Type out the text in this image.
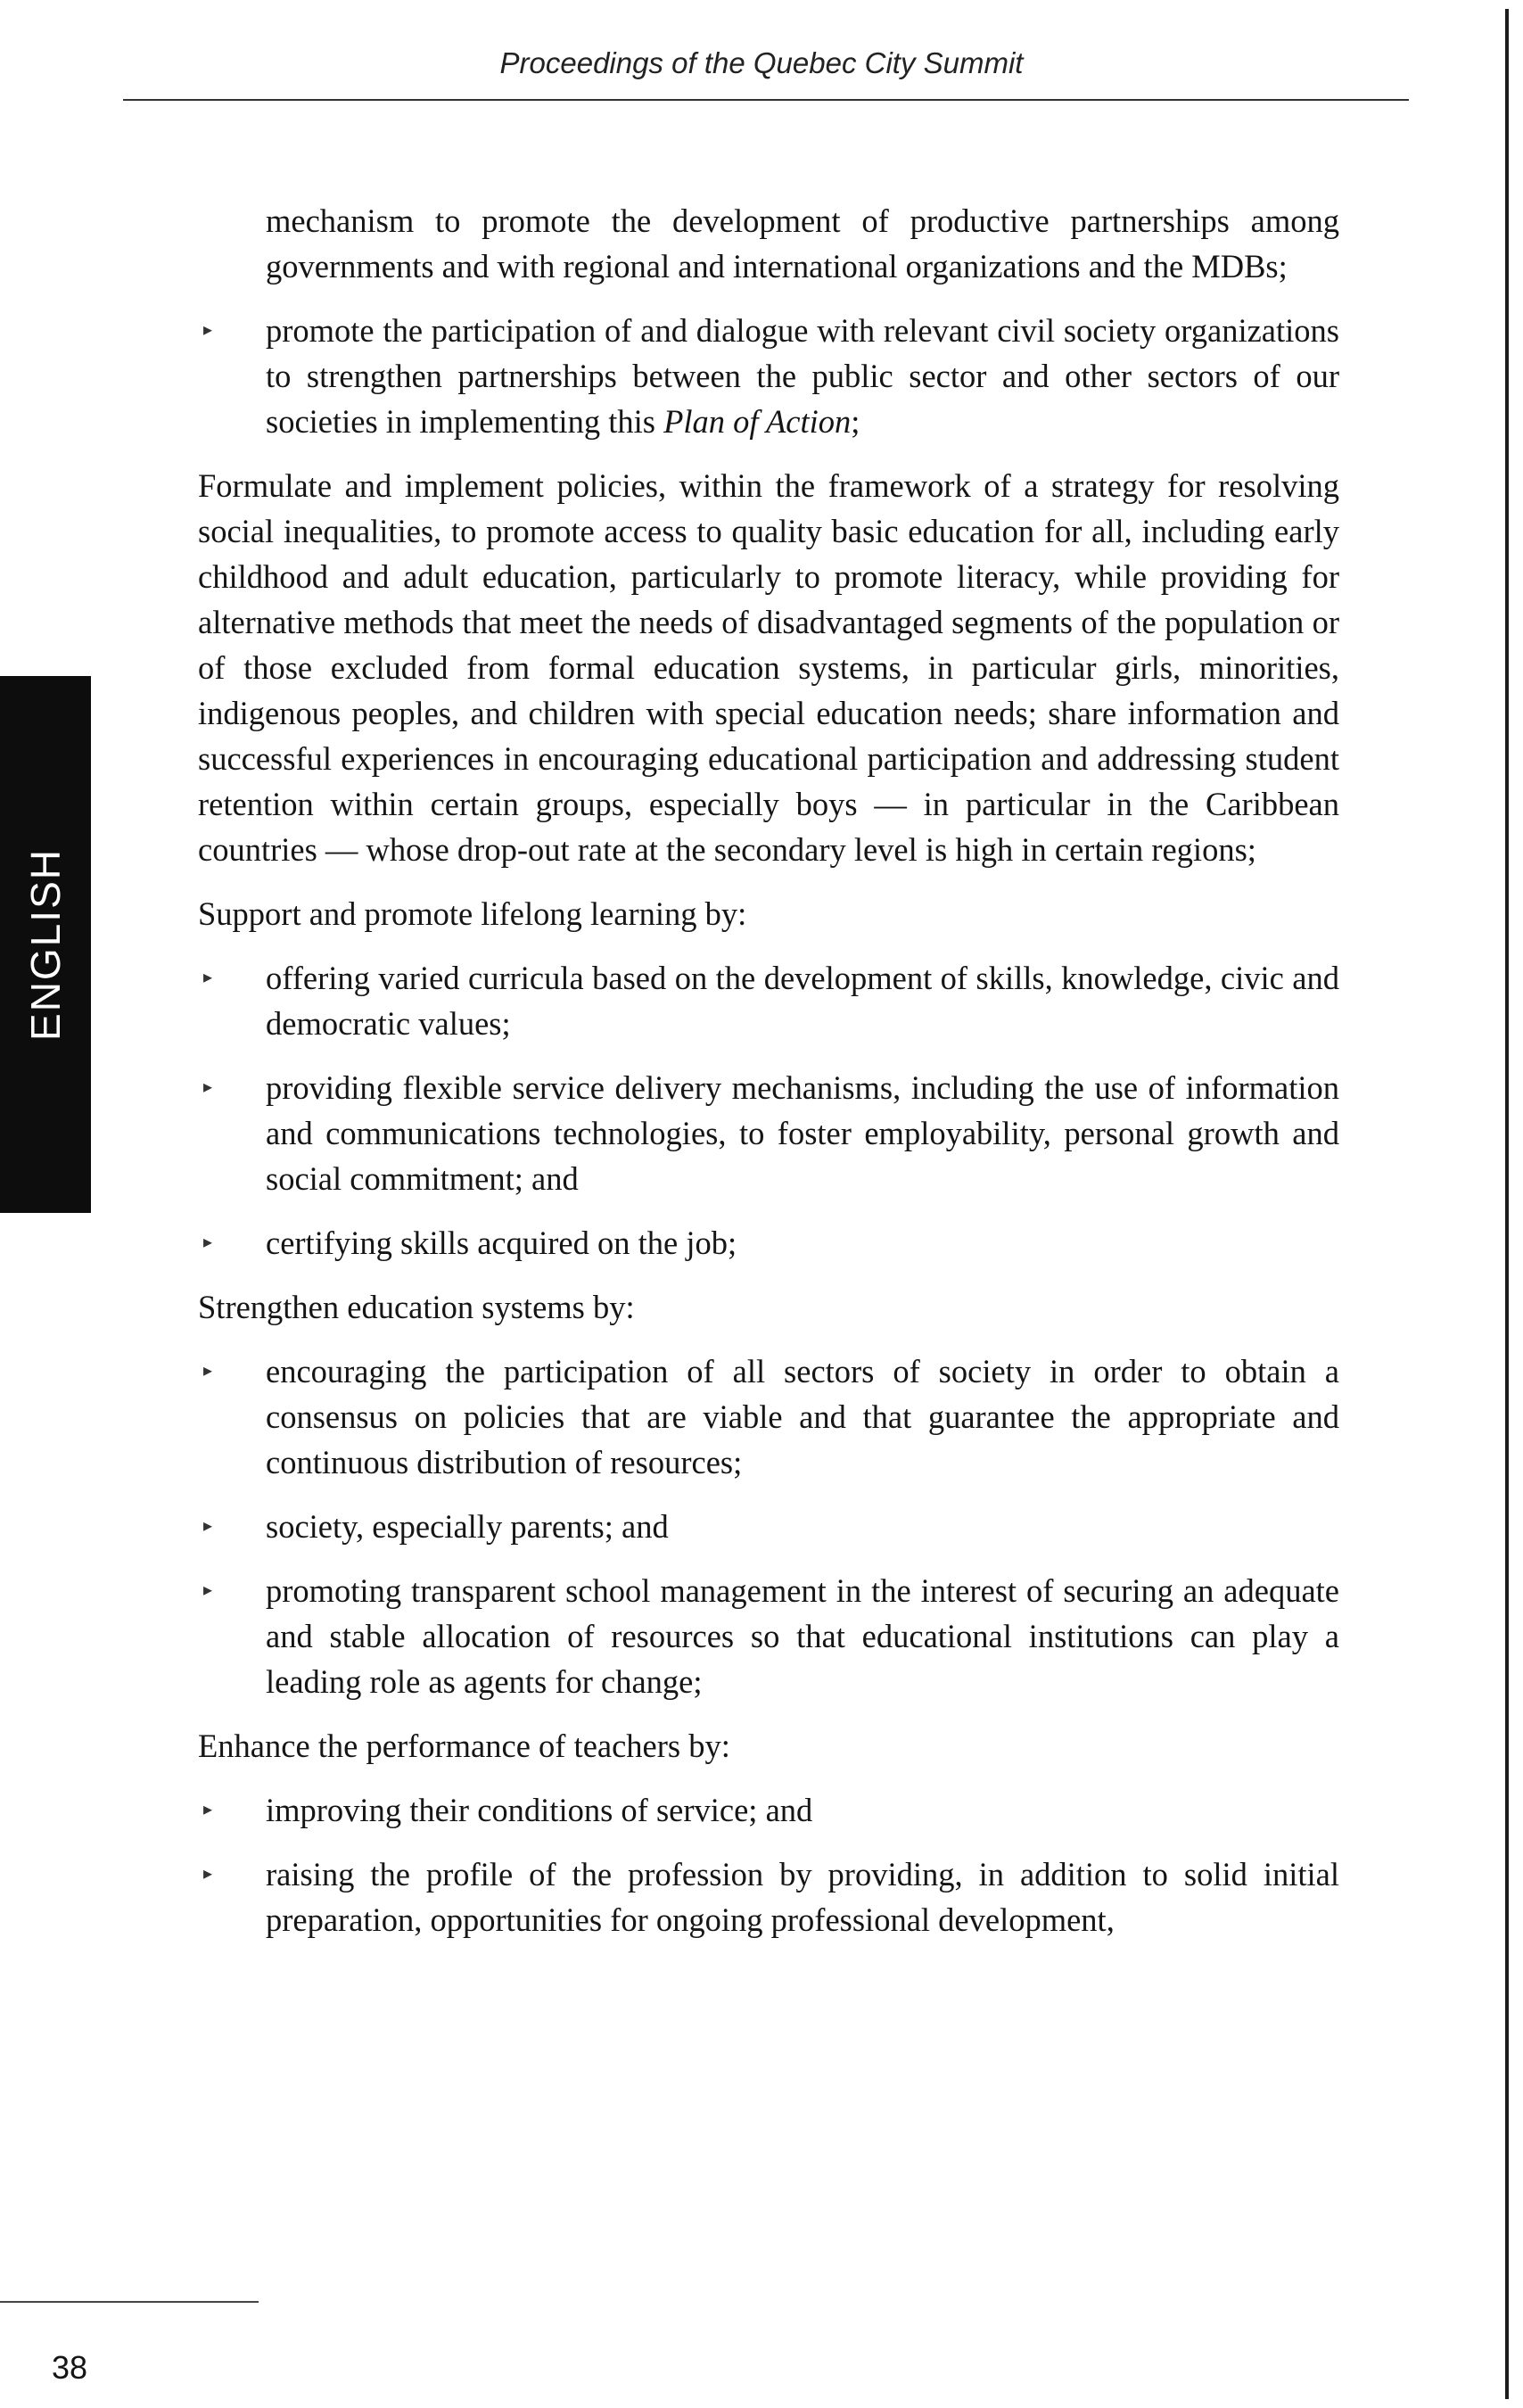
Proceedings of the Quebec City Summit
ENGLISH

mechanism to promote the development of productive partnerships among governments and with regional and international organizations and the MDBs;

▸ promote the participation of and dialogue with relevant civil society organizations to strengthen partnerships between the public sector and other sectors of our societies in implementing this Plan of Action;

Formulate and implement policies, within the framework of a strategy for resolving social inequalities, to promote access to quality basic education for all, including early childhood and adult education, particularly to promote literacy, while providing for alternative methods that meet the needs of disadvantaged segments of the population or of those excluded from formal education systems, in particular girls, minorities, indigenous peoples, and children with special education needs; share information and successful experiences in encouraging educational participation and addressing student retention within certain groups, especially boys — in particular in the Caribbean countries — whose drop-out rate at the secondary level is high in certain regions;

Support and promote lifelong learning by:

▸ offering varied curricula based on the development of skills, knowledge, civic and democratic values;

▸ providing flexible service delivery mechanisms, including the use of information and communications technologies, to foster employability, personal growth and social commitment; and

▸ certifying skills acquired on the job;

Strengthen education systems by:

▸ encouraging the participation of all sectors of society in order to obtain a consensus on policies that are viable and that guarantee the appropriate and continuous distribution of resources;

▸ society, especially parents; and

▸ promoting transparent school management in the interest of securing an adequate and stable allocation of resources so that educational institutions can play a leading role as agents for change;

Enhance the performance of teachers by:

▸ improving their conditions of service; and

▸ raising the profile of the profession by providing, in addition to solid initial preparation, opportunities for ongoing professional development,

38
